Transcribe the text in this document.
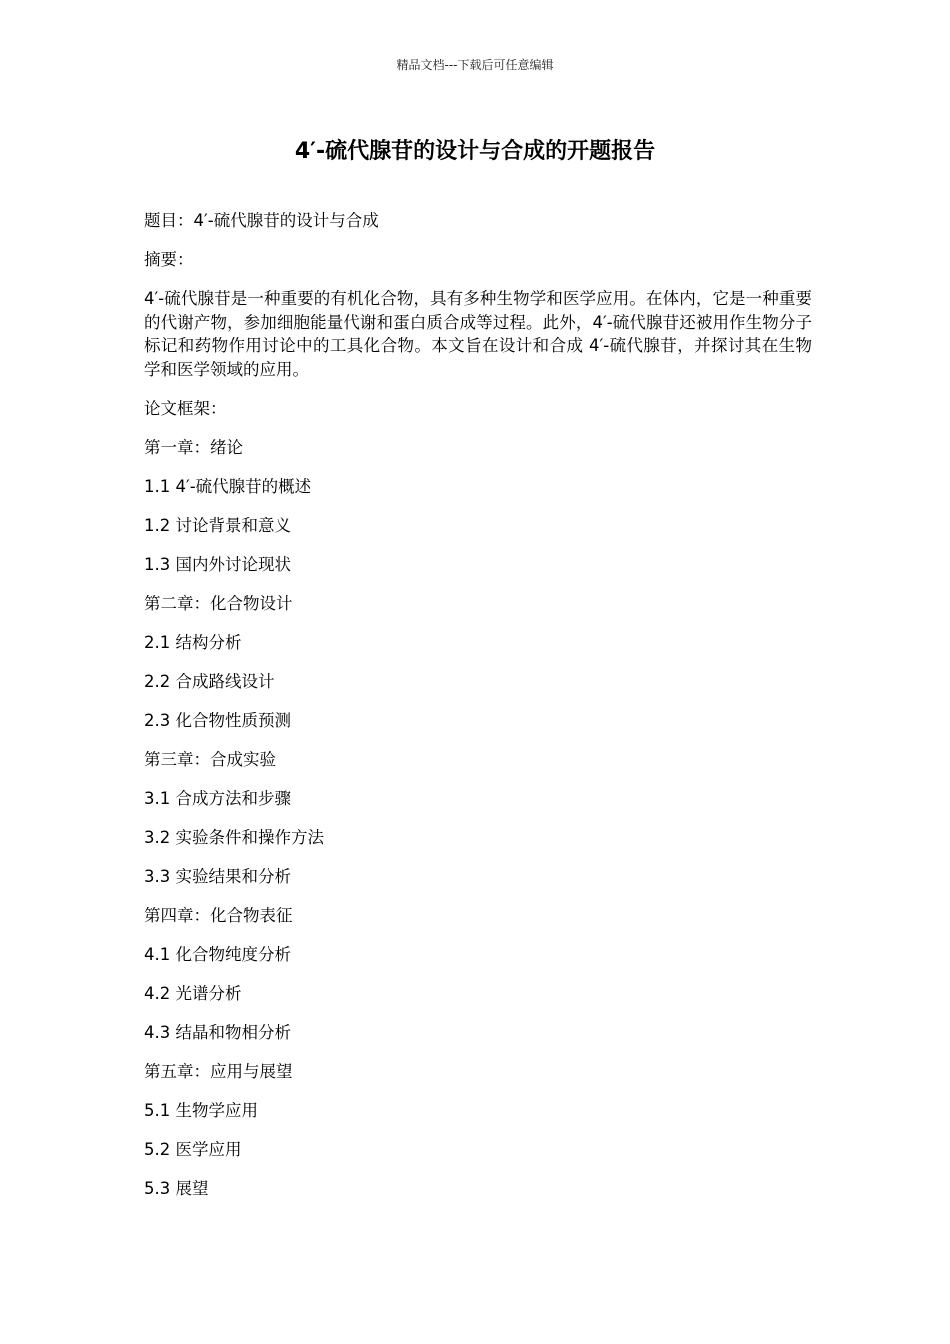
精品文档---下载后可任意编辑
4′-硫代腺苷的设计与合成的开题报告
题目：4′-硫代腺苷的设计与合成
摘要：
4′-硫代腺苷是一种重要的有机化合物，具有多种生物学和医学应用。在体内，它是一种重要的代谢产物，参加细胞能量代谢和蛋白质合成等过程。此外，4′-硫代腺苷还被用作生物分子标记和药物作用讨论中的工具化合物。本文旨在设计和合成 4′-硫代腺苷，并探讨其在生物学和医学领域的应用。
论文框架：
第一章：绪论
1.1 4′-硫代腺苷的概述
1.2 讨论背景和意义
1.3 国内外讨论现状
第二章：化合物设计
2.1 结构分析
2.2 合成路线设计
2.3 化合物性质预测
第三章：合成实验
3.1 合成方法和步骤
3.2 实验条件和操作方法
3.3 实验结果和分析
第四章：化合物表征
4.1 化合物纯度分析
4.2 光谱分析
4.3 结晶和物相分析
第五章：应用与展望
5.1 生物学应用
5.2 医学应用
5.3 展望
